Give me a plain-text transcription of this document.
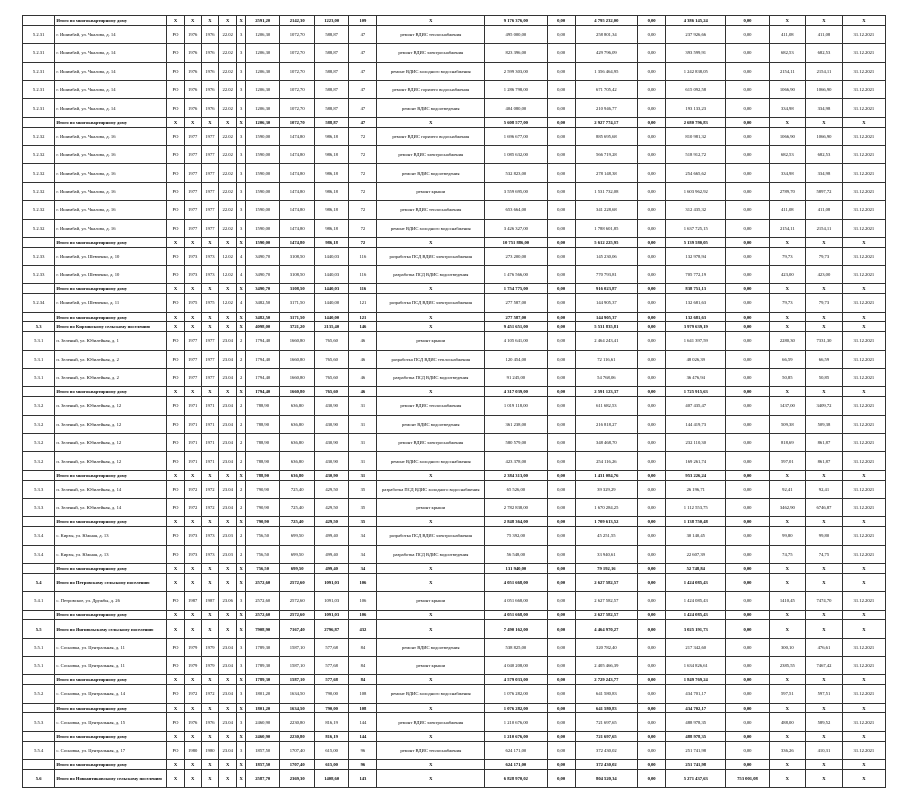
	Итого по многоквартирному дому	X	X	X	X	X	2591,20	2142,30	1223,00	109	X	9 176 376,00	0,00	4 795 232,00	0,00	4 386 145,24	0,00	X	X	X
5.2.31	г. Ишимбай, ул. Чкалова, д. 14	РО	1976	1976	22.02	3	1206,30	1072,70	588,87	47	ремонт ВДИС теплоснабжения	495 000,00	0,00	258 801,34	0,00	237 926,66	0,00	411,08	411,08	31.12.2021
5.2.31	г. Ишимбай, ул. Чкалова, д. 14	РО	1976	1976	22.02	3	1206,30	1072,70	588,87	47	ремонт ВДИС электроснабжения	823 396,00	0,00	429 796,09	0,00	393 599,91	0,00	682,53	682,53	31.12.2021
5.2.31	г. Ишимбай, ул. Чкалова, д. 14	РО	1976	1976	22.02	3	1206,30	1072,70	588,87	47	ремонт ВДИС холодного водоснабжения	2 599 303,00	0,00	1 356 464,95	0,00	1 242 838,05	0,00	2154,11	2154,11	31.12.2021
5.2.31	г. Ишимбай, ул. Чкалова, д. 14	РО	1976	1976	22.02	3	1206,30	1072,70	588,87	47	ремонт ВДИС горячего водоснабжения	1 286 798,00	0,00	671 705,42	0,00	615 092,58	0,00	1066,90	1066,90	31.12.2021
5.2.31	г. Ишимбай, ул. Чкалова, д. 14	РО	1976	1976	22.02	3	1206,30	1072,70	588,87	47	ремонт ВДИС водоотведения	404 080,00	0,00	210 946,77	0,00	193 133,23	0,00	334,98	334,98	31.12.2021
	Итого по многоквартирному дому	X	X	X	X	X	1206,30	1072,70	588,87	47	X	5 608 577,00	0,00	2 927 774,17	0,00	2 680 796,83	0,00	X	X	X
5.2.32	г. Ишимбай, ул. Чкалова, д. 16	РО	1977	1977	22.02	3	1590,00	1474,80	986,18	72	ремонт ВДИС горячего водоснабжения	1 696 677,00	0,00	885 695,68	0,00	810 981,32	0,00	1066,90	1066,90	31.12.2021
5.2.32	г. Ишимбай, ул. Чкалова, д. 16	РО	1977	1977	22.02	3	1590,00	1474,80	986,18	72	ремонт ВДИС электроснабжения	1 085 632,00	0,00	566 719,28	0,00	518 912,72	0,00	682,53	682,53	31.12.2021
5.2.32	г. Ишимбай, ул. Чкалова, д. 16	РО	1977	1977	22.02	3	1590,00	1474,80	986,18	72	ремонт ВДИС водоотведения	532 823,00	0,00	278 148,38	0,00	254 665,62	0,00	334,98	334,98	31.12.2021
5.2.32	г. Ишимбай, ул. Чкалова, д. 16	РО	1977	1977	22.02	3	1590,00	1474,80	986,18	72	ремонт крыши	3 559 695,00	0,00	1 531 732,08	0,00	1 603 962,92	0,00	2789,70	5897,72	31.12.2021
5.2.32	г. Ишимбай, ул. Чкалова, д. 16	РО	1977	1977	22.02	3	1590,00	1474,80	986,18	72	ремонт ВДИС теплоснабжения	653 664,00	0,00	341 228,68	0,00	312 435,32	0,00	411,08	411,08	31.12.2021
5.2.32	г. Ишимбай, ул. Чкалова, д. 16	РО	1977	1977	22.02	3	1590,00	1474,80	986,18	72	ремонт ВДИС холодного водоснабжения	3 426 327,00	0,00	1 788 601,85	0,00	1 637 725,15	0,00	2154,11	2154,11	31.12.2021
	Итого по многоквартирному дому	X	X	X	X	X	1590,00	1474,80	986,18	72	X	10 751 886,00	0,00	5 612 225,95	0,00	5 139 580,05	0,00	X	X	X
5.2.33	г. Ишимбай, ул. Шевченко, д. 10	РО	1973	1973	12.02	4	3490,70	3108,50	1440,03	116	разработка ПСД ВДИС электроснабжения	273 200,00	0,00	145 230,06	0,00	132 978,94	0,00	79,73	79,73	31.12.2021
5.2.33	г. Ишимбай, ул. Шевченко, д. 10	РО	1973	1973	12.02	4	3490,70	3108,50	1440,03	116	разработка ПСД ВДИС водоотведения	1 476 566,00	0,00	770 793,81	0,00	705 772,19	0,00	423,00	423,00	31.12.2021
	Итого по многоквартирному дому	X	X	X	X	X	3490,70	3108,50	1440,03	116	X	1 754 775,00	0,00	916 023,87	0,00	838 751,13	0,00	X	X	X
5.2.34	г. Ишимбай, ул. Шевченко, д. 11	РО	1975	1975	12.02	4	3482,50	3171,50	1440,00	121	разработка ПСД ВДИС электроснабжения	277 587,00	0,00	144 905,37	0,00	132 681,63	0,00	79,73	79,73	31.12.2021
	Итого по многоквартирному дому	X	X	X	X	X	3482,50	3171,50	1440,00	121	X	277 587,00	0,00	144 905,37	0,00	132 681,63	0,00	X	X	X
5.3	Итого по Кирзинскому сельскому поселению	X	X	X	X	X	4098,00	3721,20	2135,40	146	X	9 451 651,00	0,00	5 531 835,81	0,00	3 979 639,19	0,00	X	X	X
5.3.1	п. Зеленый, ул. Юбилейная, д. 1	РО	1977	1977	23.04	2	1794,40	1660,80	765,60	46	ремонт крыши	4 105 641,00	0,00	2 464 243,41	0,00	1 641 397,59	0,00	2280,30	7331,30	31.12.2021
5.3.1	п. Зеленый, ул. Юбилейная, д. 2	РО	1977	1977	23.04	2	1794,40	1660,80	765,60	46	разработка ПСД ВДИС теплоснабжения	120 454,00	0,00	72 116,61	0,00	48 026,39	0,00	66,59	66,59	31.12.2021
5.3.1	п. Зеленый, ул. Юбилейная, д. 2	РО	1977	1977	23.04	2	1794,40	1660,80	765,60	46	разработка ПСД ВДИС водоотведения	91 245,00	0,00	54 768,06	0,00	36 476,94	0,00	50,85	50,85	31.12.2021
	Итого по многоквартирному дому	X	X	X	X	X	1794,40	1660,80	765,60	46	X	4 317 039,00	0,00	2 591 123,37	0,00	1 725 915,63	0,00	X	X	X
5.3.2	п. Зеленый, ул. Юбилейная, д. 12	РО	1971	1971	23.04	2	788,90	636,80	430,90	31	ремонт ВДИС теплоснабжения	1 019 118,00	0,00	611 682,53	0,00	407 435,47	0,00	1437,00	3409,72	31.12.2021
5.3.2	п. Зеленый, ул. Юбилейная, д. 12	РО	1971	1971	23.04	2	788,90	636,80	430,90	31	ремонт ВДИС водоотведения	361 238,00	0,00	216 818,27	0,00	144 419,73	0,00	509,38	509,38	31.12.2021
5.3.2	п. Зеленый, ул. Юбилейная, д. 12	РО	1971	1971	23.04	2	788,90	636,80	430,90	31	ремонт ВДИС электроснабжения	580 579,00	0,00	348 468,70	0,00	232 110,30	0,00	818,69	861,87	31.12.2021
5.3.2	п. Зеленый, ул. Юбилейная, д. 12	РО	1971	1971	23.04	2	788,90	636,80	430,90	31	ремонт ВДИС холодного водоснабжения	423 378,00	0,00	254 116,26	0,00	169 261,74	0,00	597,01	861,87	31.12.2021
	Итого по многоквартирному дому	X	X	X	X	X	788,90	636,80	430,90	31	X	2 384 313,00	0,00	1 431 084,76	0,00	953 226,24	0,00	X	X	X
5.3.3	п. Зеленый, ул. Юбилейная, д. 14	РО	1972	1972	23.04	2	790,90	725,40	429,50	35	разработка ПСД ВДИС холодного водоснабжения	65 526,00	0,00	39 329,29	0,00	26 196,71	0,00	92,41	92,41	31.12.2021
5.3.3	п. Зеленый, ул. Юбилейная, д. 14	РО	1972	1972	23.04	2	790,90	725,40	429,50	35	ремонт крыши	2 782 838,00	0,00	1 670 284,25	0,00	1 112 553,75	0,00	3462,90	6746,87	31.12.2021
	Итого по многоквартирному дому	X	X	X	X	X	790,90	725,40	429,50	35	X	2 848 364,00	0,00	1 709 613,52	0,00	1 138 750,48	0,00	X	X	X
5.3.4	с. Кирзы, ул. Южная, д. 13	РО	1973	1973	23.03	2	756,50	699,50	499,40	34	разработка ПСД ВДИС электроснабжения	75 392,00	0,00	45 251,55	0,00	30 140,45	0,00	99,80	99,80	31.12.2021
5.3.4	с. Кирзы, ул. Южная, д. 13	РО	1973	1973	23.03	2	756,50	699,50	499,40	34	разработка ПСД ВДИС водоотведения	56 548,00	0,00	33 940,61	0,00	22 607,39	0,00	74,75	74,75	31.12.2021
	Итого по многоквартирному дому	X	X	X	X	X	756,50	699,50	499,40	34	X	131 940,00	0,00	79 192,16	0,00	52 748,84	0,00	X	X	X
5.4	Итого по Петровскому сельскому поселению	X	X	X	X	X	2572,60	2572,60	1091,03	106	X	4 051 668,00	0,00	2 627 582,57	0,00	1 424 085,43	0,00	X	X	X
5.4.1	с. Петровское, ул. Дружбы, д. 26	РО	1987	1987	23.06	3	2572,60	2572,60	1091,03	106	ремонт крыши	4 051 668,00	0,00	2 627 582,57	0,00	1 424 085,43	0,00	1410,45	7474,70	31.12.2021
	Итого по многоквартирному дому	X	X	X	X	X	2572,60	2572,60	1091,03	106	X	4 051 668,00	0,00	2 627 582,57	0,00	1 424 085,43	0,00	X	X	X
5.5	Итого по Янгиюльскому сельскому поселению	X	X	X	X	X	7908,90	7167,40	2796,87	432	X	7 490 162,00	0,00	4 464 970,27	0,00	3 025 191,73	0,00	X	X	X
5.5.1	с. Сосновка, ул. Центральная, д. 11	РО	1979	1979	23.04	3	1789,30	1587,10	577,68	84	ремонт ВДИС водоотведения	538 825,00	0,00	320 782,40	0,00	217 342,60	0,00	300,10	476,61	31.12.2021
5.5.1	с. Сосновка, ул. Центральная, д. 11	РО	1979	1979	23.04	3	1789,30	1587,10	577,68	84	ремонт крыши	4 040 208,00	0,00	2 405 466,39	0,00	1 634 826,61	0,00	2385,55	7467,42	31.12.2021
	Итого по многоквартирному дому	X	X	X	X	X	1789,30	1587,10	577,68	84	X	4 579 033,00	0,00	2 729 243,77	0,00	1 849 769,24	0,00	X	X	X
5.5.2	с. Сосновка, ул. Центральная, д. 14	РО	1972	1972	23.04	3	1801,20	1634,50	790,00	108	ремонт ВДИС холодного водоснабжения	1 076 282,00	0,00	641 580,83	0,00	434 701,17	0,00	597,51	597,51	31.12.2021
	Итого по многоквартирному дому	X	X	X	X	X	1801,20	1634,50	790,00	108	X	1 076 282,00	0,00	641 580,83	0,00	434 702,17	0,00	X	X	X
5.5.3	с. Сосновка, ул. Центральная, д. 15	РО	1976	1976	23.04	3	2460,90	2230,80	816,19	144	ремонт ВДИС электроснабжения	1 210 676,00	0,00	721 697,65	0,00	488 978,35	0,00	488,00	589,52	31.12.2021
	Итого по многоквартирному дому	X	X	X	X	X	2460,90	2230,80	816,19	144	X	1 210 676,00	0,00	721 697,65	0,00	488 978,35	0,00	X	X	X
5.5.4	с. Сосновка, ул. Центральная, д. 17	РО	1980	1980	23.04	3	1857,50	1707,40	615,00	96	ремонт ВДИС теплоснабжения	624 171,00	0,00	372 430,02	0,00	251 741,98	0,00	336,26	410,31	31.12.2021
	Итого по многоквартирному дому	X	X	X	X	X	1857,50	1707,40	615,00	96	X	624 171,00	0,00	372 430,02	0,00	251 741,98	0,00	X	X	X
5.6	Итого по Новоаптиковскому сельскому поселению	X	X	X	X	X	2587,70	2369,30	1408,60	143	X	6 828 970,02	0,00	804 520,34	0,00	5 271 437,63	753 001,08	X	X	X
